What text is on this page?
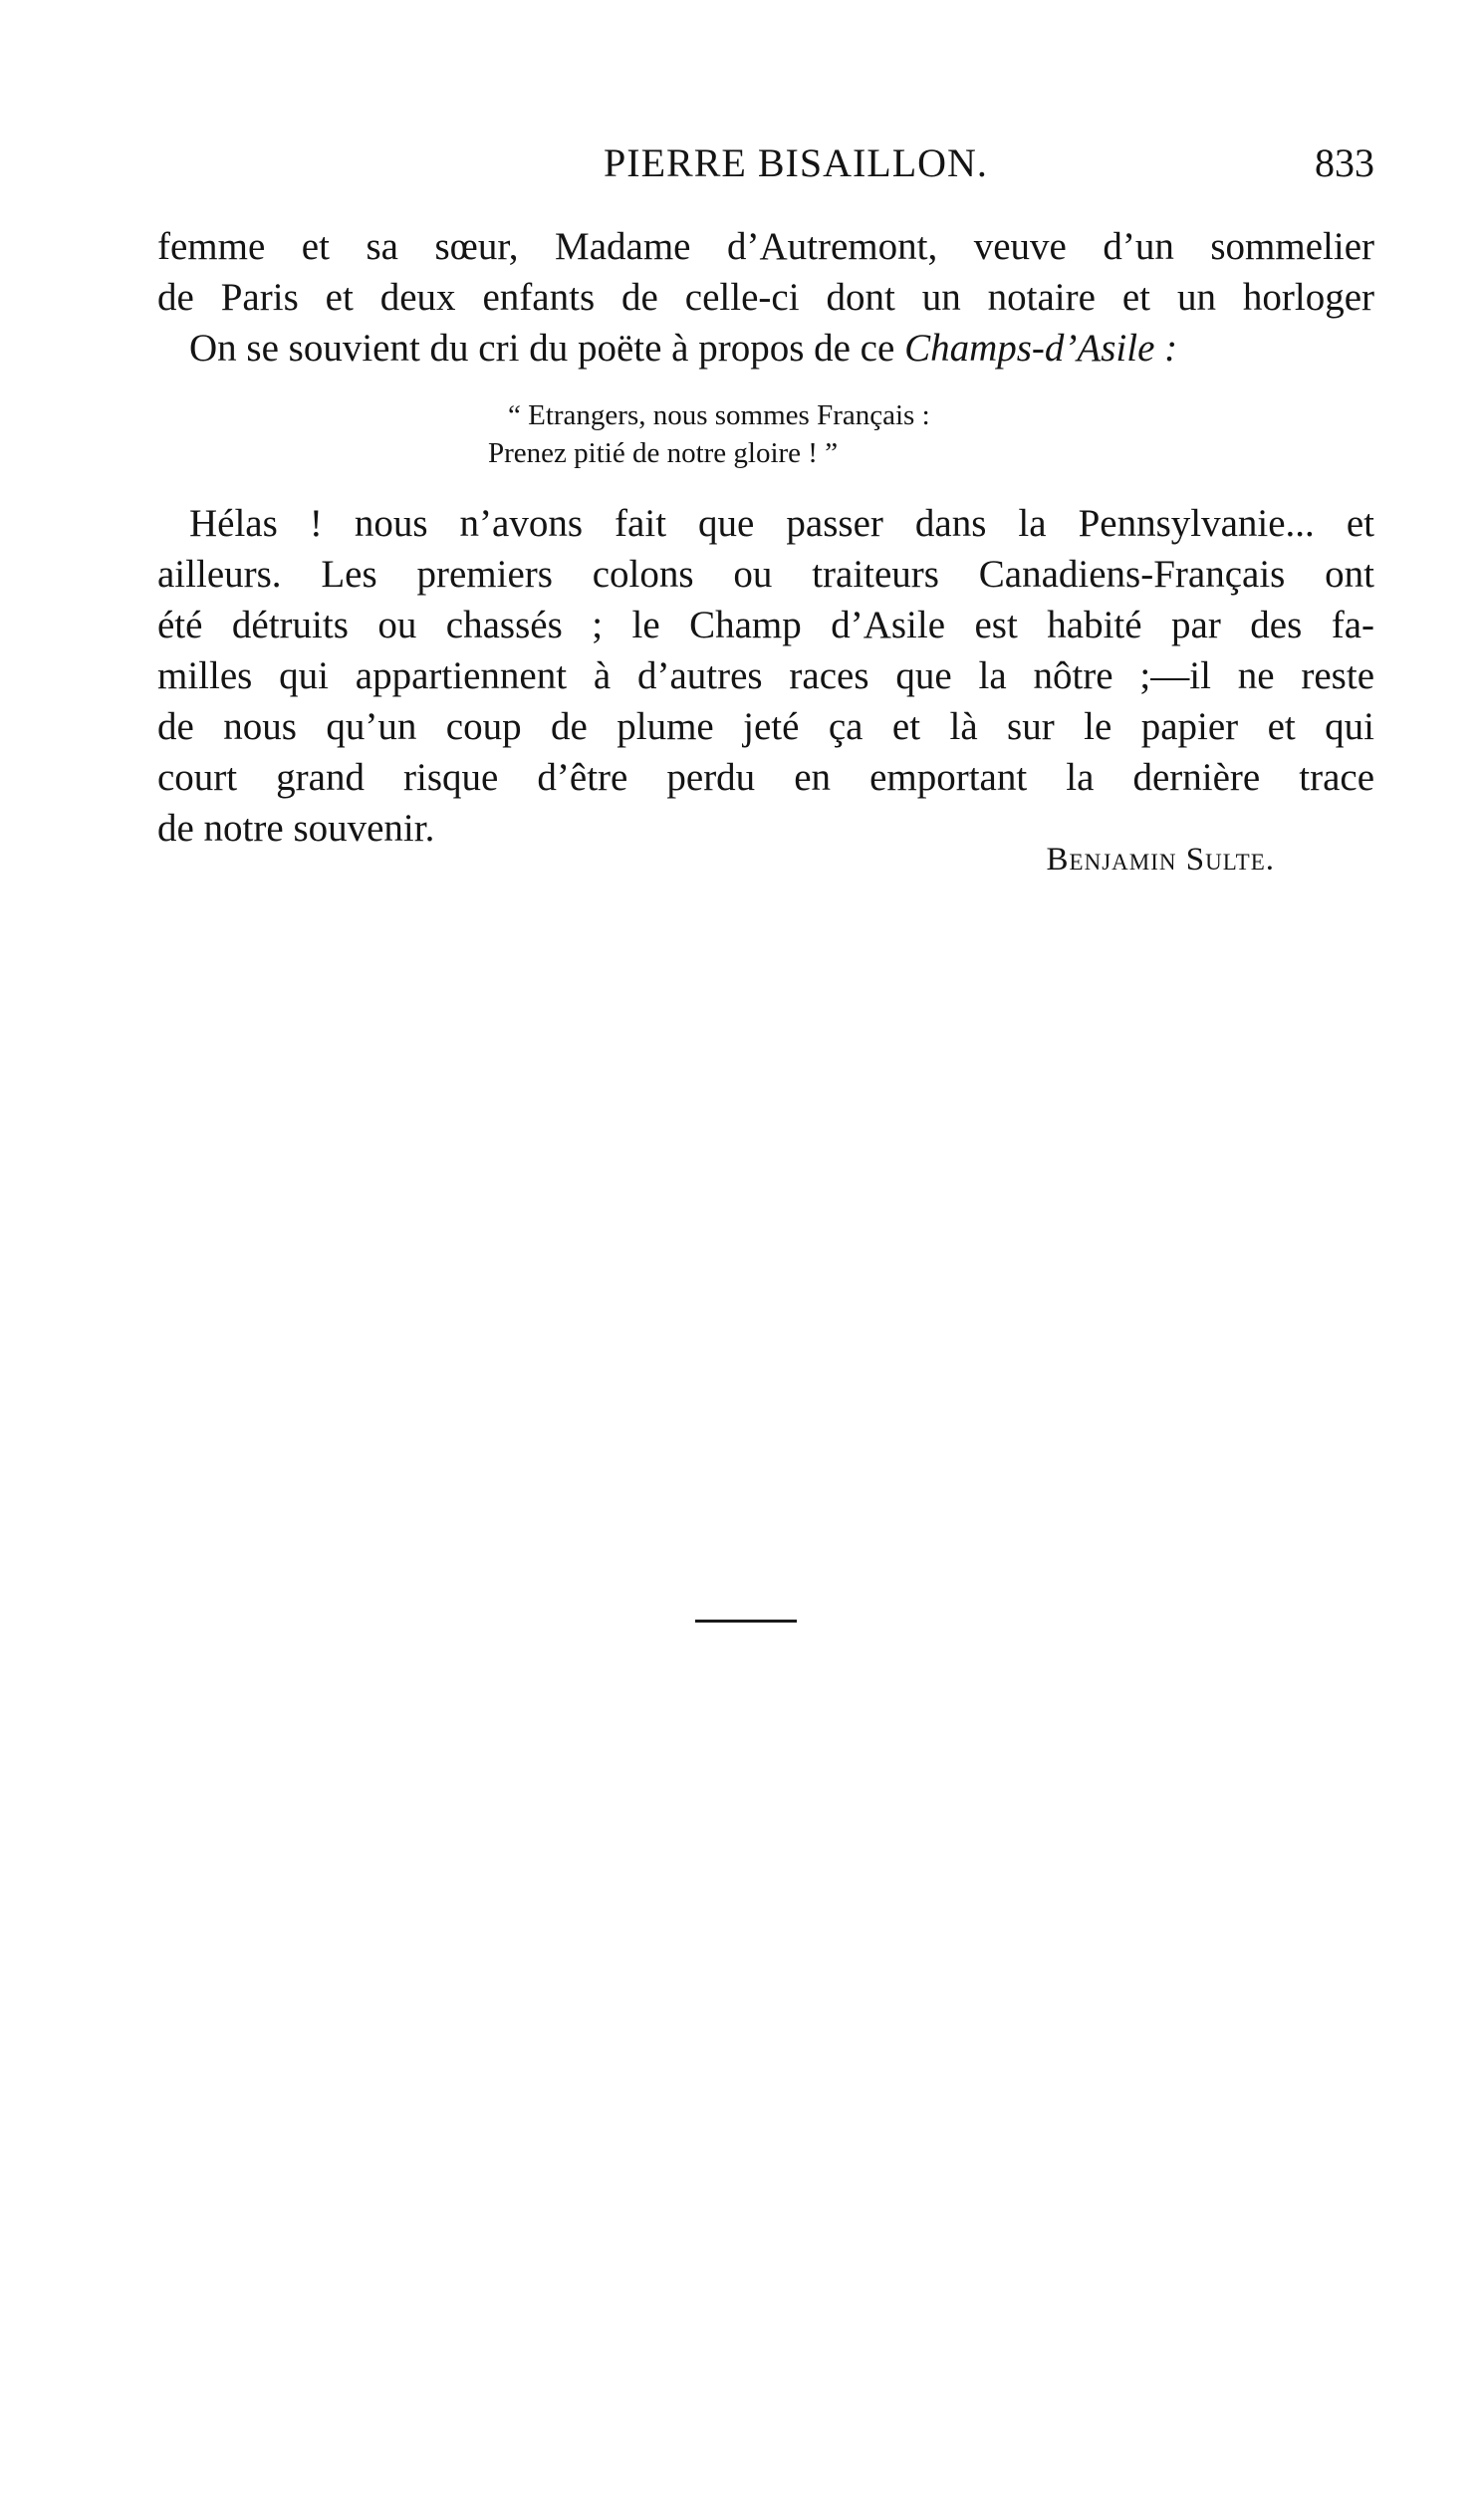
PIERRE BISAILLON.	833
femme et sa sœur, Madame d’Autremont, veuve d’un sommelier
de Paris et deux enfants de celle-ci dont un notaire et un horloger
On se souvient du cri du poëte à propos de ce Champs-d’Asile :
“ Etrangers, nous sommes Français :
Prenez pitié de notre gloire ! ”
Hélas ! nous n’avons fait que passer dans la Pennsylvanie... et
ailleurs. Les premiers colons ou traiteurs Canadiens-Français ont
été détruits ou chassés ; le Champ d’Asile est habité par des fa-
milles qui appartiennent à d’autres races que la nôtre ;—il ne reste
de nous qu’un coup de plume jeté ça et là sur le papier et qui
court grand risque d’être perdu en emportant la dernière trace
de notre souvenir.
Benjamin Sulte.
